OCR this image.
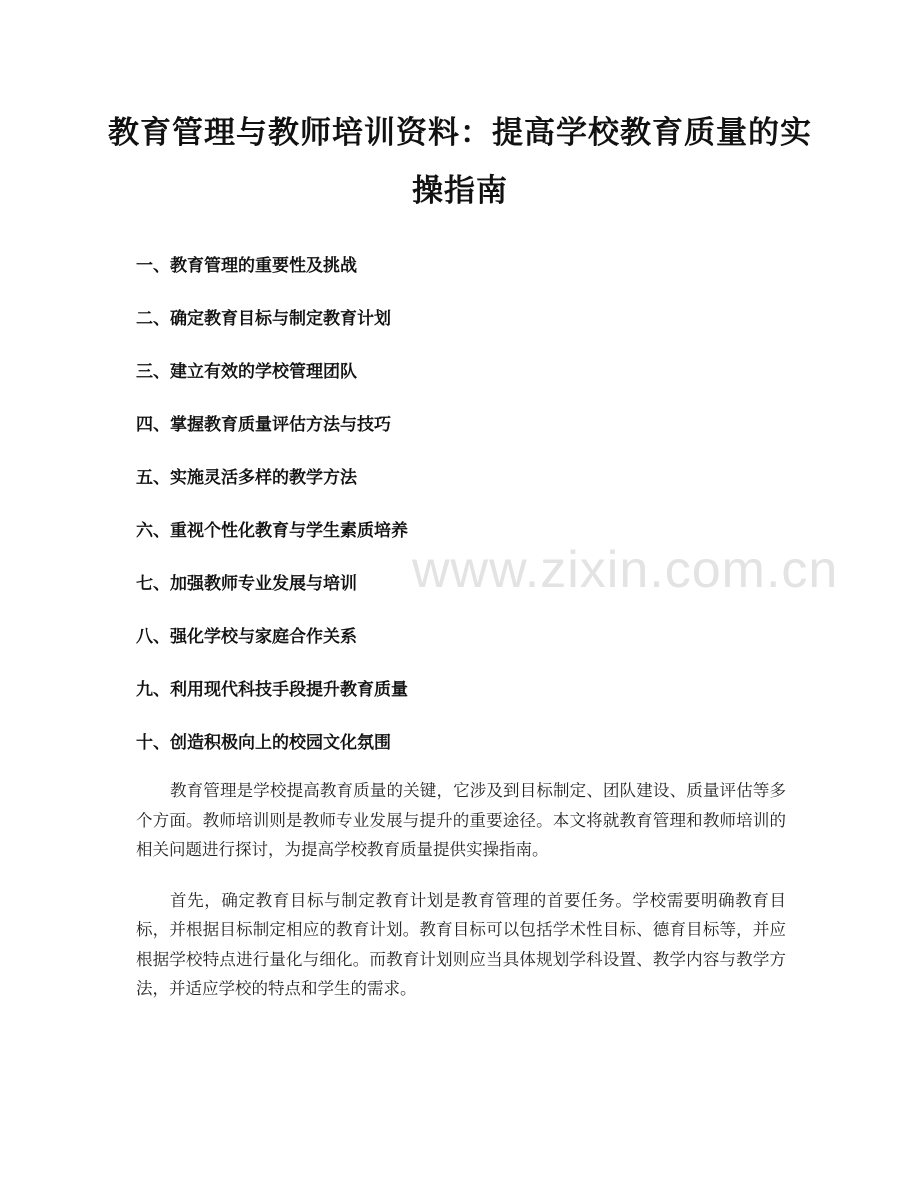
www.zixin.com.cn
教育管理与教师培训资料：提高学校教育质量的实操指南
一、教育管理的重要性及挑战
二、确定教育目标与制定教育计划
三、建立有效的学校管理团队
四、掌握教育质量评估方法与技巧
五、实施灵活多样的教学方法
六、重视个性化教育与学生素质培养
七、加强教师专业发展与培训
八、强化学校与家庭合作关系
九、利用现代科技手段提升教育质量
十、创造积极向上的校园文化氛围

教育管理是学校提高教育质量的关键，它涉及到目标制定、团队建设、质量评估等多个方面。教师培训则是教师专业发展与提升的重要途径。本文将就教育管理和教师培训的相关问题进行探讨，为提高学校教育质量提供实操指南。

首先，确定教育目标与制定教育计划是教育管理的首要任务。学校需要明确教育目标，并根据目标制定相应的教育计划。教育目标可以包括学术性目标、德育目标等，并应根据学校特点进行量化与细化。而教育计划则应当具体规划学科设置、教学内容与教学方法，并适应学校的特点和学生的需求。
